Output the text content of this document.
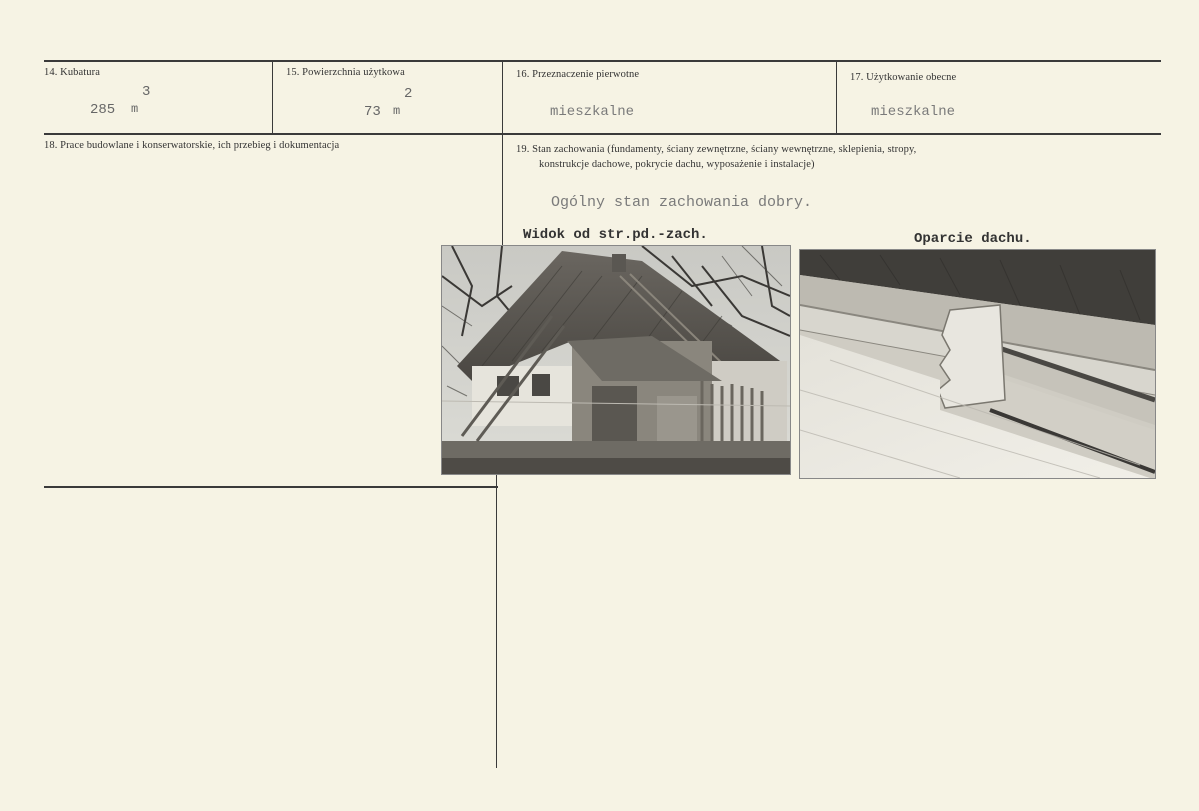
14. Kubatura
3
285 m
15. Powierzchnia użytkowa
2
73 m
16. Przeznaczenie pierwotne
mieszkalne
17. Użytkowanie obecne
mieszkalne
18. Prace budowlane i konserwatorskie, ich przebieg i dokumentacja	19. Stan zachowania (fundamenty, ściany zewnętrzne, ściany wewnętrzne, sklepienia, stropy,
konstrukcje dachowe, pokrycie dachu, wyposażenie i instalacje)
Ogólny stan zachowania dobry.
Widok od str.pd.-zach.	Oparcie dachu.
